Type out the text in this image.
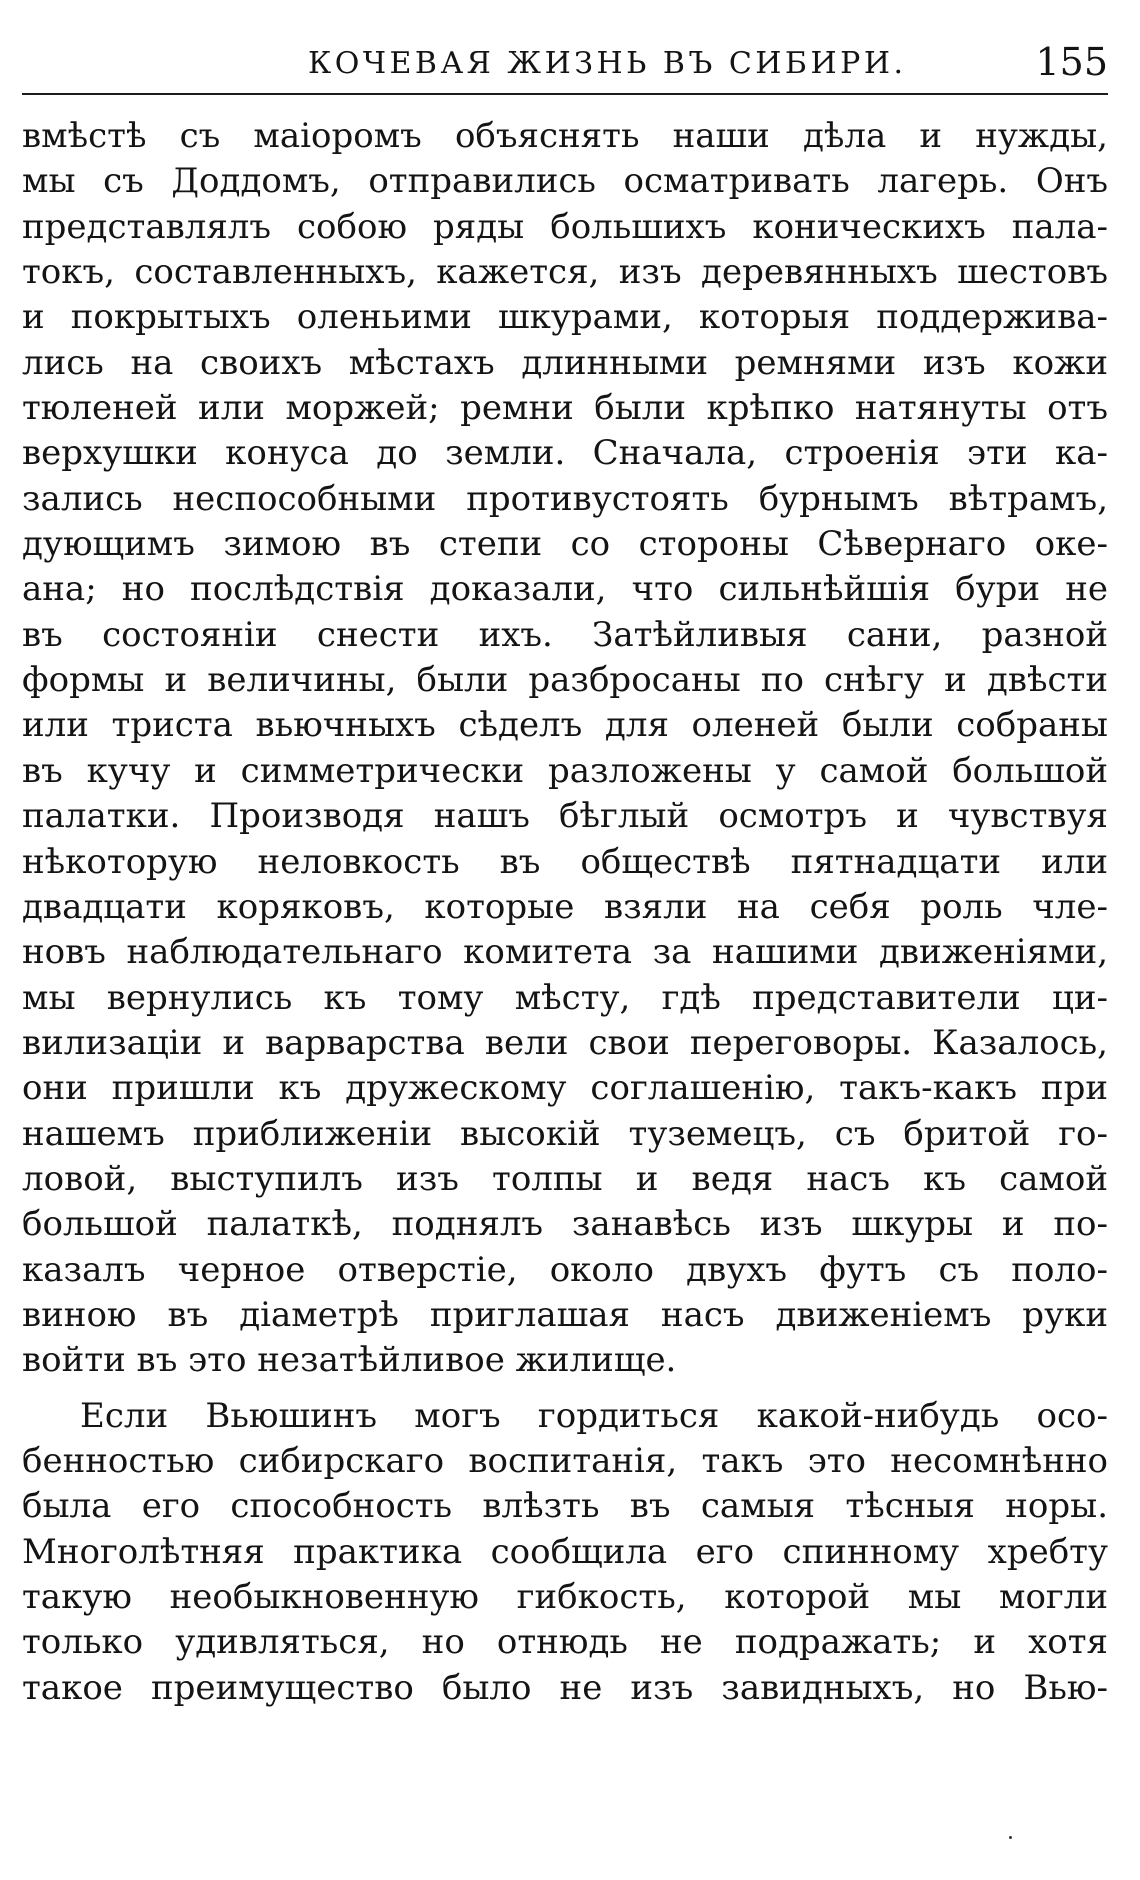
КОЧЕВАЯ ЖИЗНЬ ВЪ СИБИРИ.	155
вмѣстѣ съ маіоромъ объяснять наши дѣла и нужды,
мы съ Доддомъ, отправились осматривать лагерь. Онъ
представлялъ собою ряды большихъ коническихъ пала-
токъ, составленныхъ, кажется, изъ деревянныхъ шестовъ
и покрытыхъ оленьими шкурами, которыя поддерживa-
лись на своихъ мѣстахъ длинными ремнями изъ кожи
тюленей или моржей; ремни были крѣпко натянуты отъ
верхушки конуса до земли. Сначала, строенія эти ка-
зались неспособными противустоять бурнымъ вѣтрамъ,
дующимъ зимою въ степи со стороны Сѣвернаго оке-
ана; но послѣдствія доказали, что сильнѣйшія бури не
въ состояніи снести ихъ. Затѣйливыя сани, разной
формы и величины, были разбросаны по снѣгу и двѣсти
или триста вьючныхъ сѣделъ для оленей были собраны
въ кучу и симметрически разложены у самой большой
палатки. Производя нашъ бѣглый осмотръ и чувствуя
нѣкоторую неловкость въ обществѣ пятнадцати или
двадцати коряковъ, которые взяли на себя роль чле-
новъ наблюдательнаго комитета за нашими движеніями,
мы вернулись къ тому мѣсту, гдѣ представители ци-
вилизаціи и варварства вели свои переговоры. Казалось,
они пришли къ дружескому соглашенію, такъ-какъ при
нашемъ приближеніи высокій туземецъ, съ бритой го-
ловой, выступилъ изъ толпы и ведя насъ къ самой
большой палаткѣ, поднялъ занавѣсь изъ шкуры и по-
казалъ черное отверстіе, около двухъ футъ съ поло-
виною въ діаметрѣ приглашая насъ движеніемъ руки
войти въ это незатѣйливое жилище.
Если Вьюшинъ могъ гордиться какой-нибудь осо-
бенностью сибирскаго воспитанія, такъ это несомнѣнно
была его способность влѣзть въ самыя тѣсныя норы.
Многолѣтняя практика сообщила его спинному хребту
такую необыкновенную гибкость, которой мы могли
только удивляться, но отнюдь не подражать; и хотя
такое преимущество было не изъ завидныхъ, но Вью-
